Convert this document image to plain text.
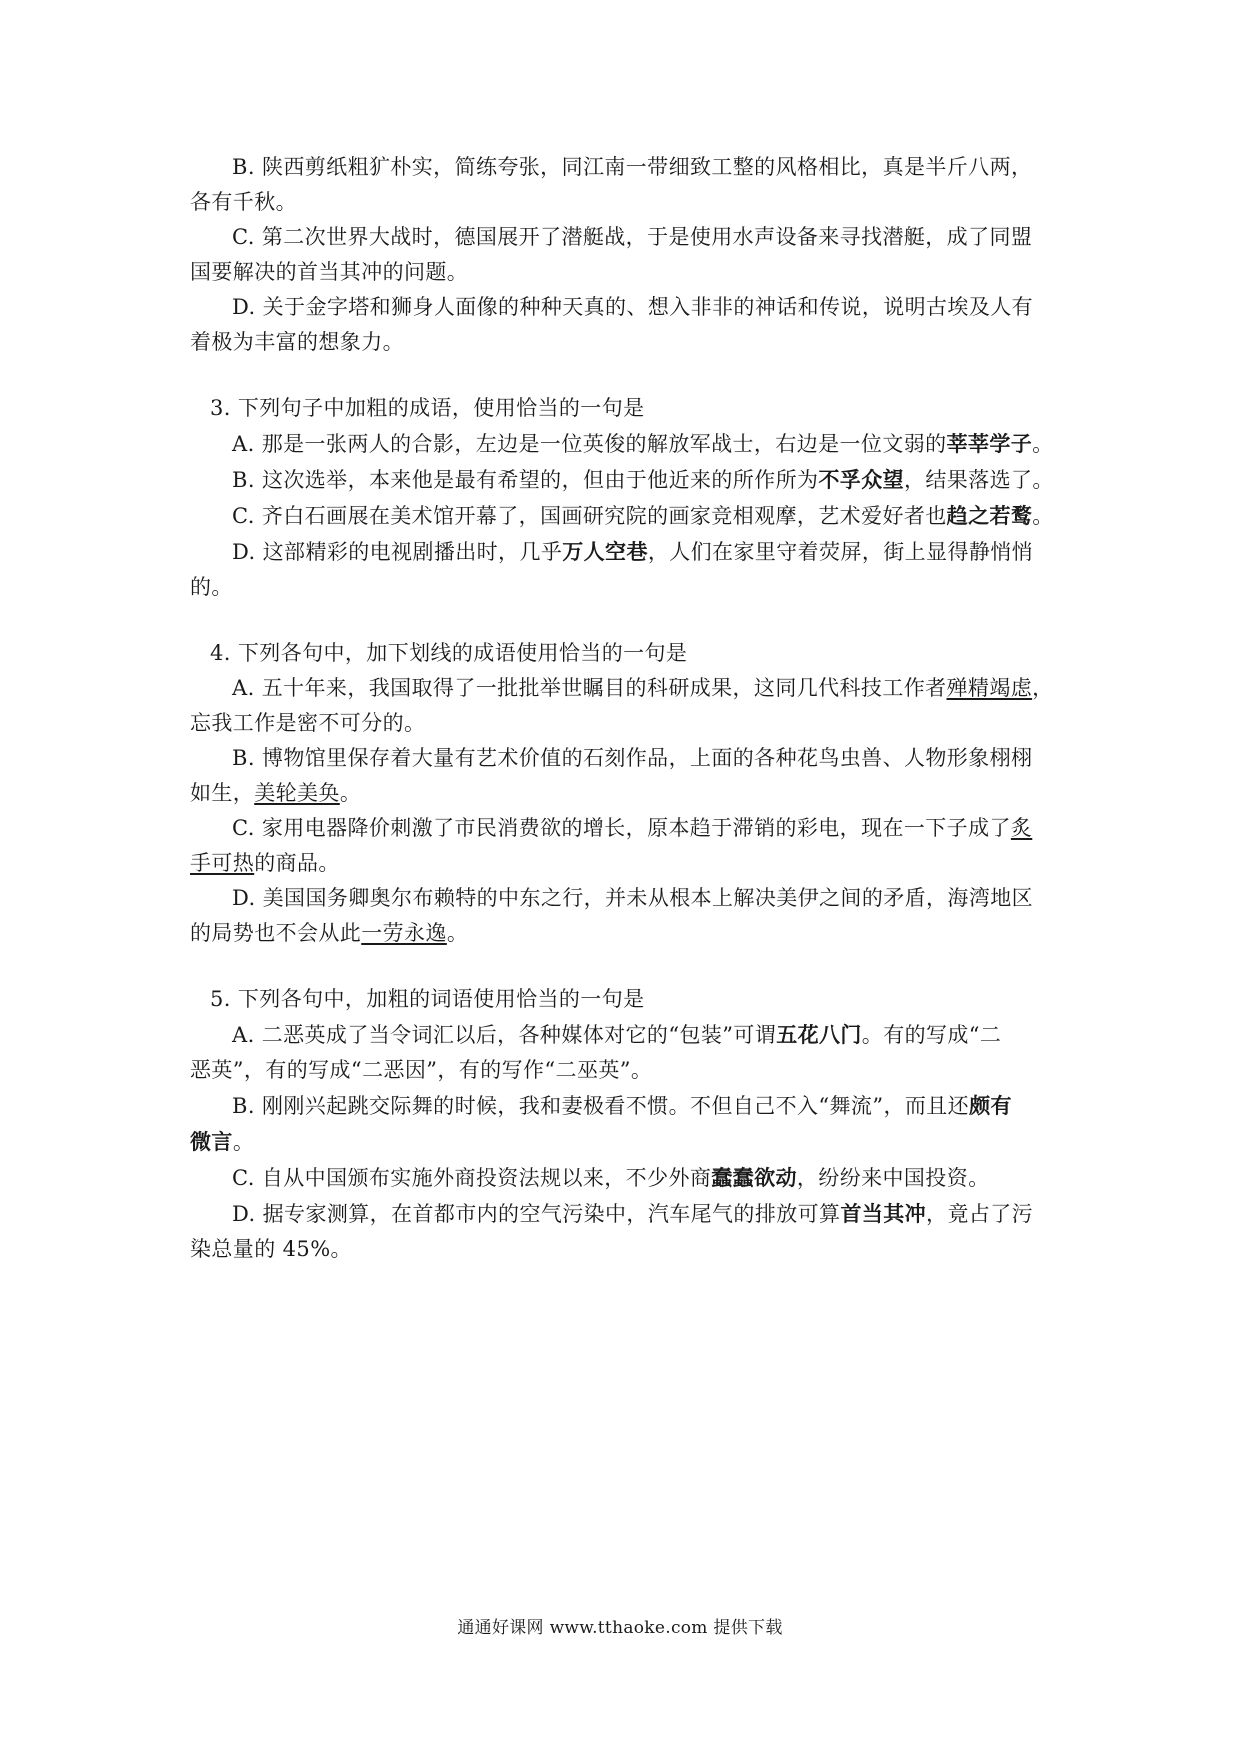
B. 陕西剪纸粗犷朴实，简练夸张，同江南一带细致工整的风格相比，真是半斤八两，
各有千秋。

C. 第二次世界大战时，德国展开了潜艇战，于是使用水声设备来寻找潜艇，成了同盟
国要解决的首当其冲的问题。

D. 关于金字塔和狮身人面像的种种天真的、想入非非的神话和传说，说明古埃及人有
着极为丰富的想象力。

3. 下列句子中加粗的成语，使用恰当的一句是

A. 那是一张两人的合影，左边是一位英俊的解放军战士，右边是一位文弱的莘莘学子。

B. 这次选举，本来他是最有希望的，但由于他近来的所作所为不孚众望，结果落选了。

C. 齐白石画展在美术馆开幕了，国画研究院的画家竞相观摩，艺术爱好者也趋之若鹜。

D. 这部精彩的电视剧播出时，几乎万人空巷，人们在家里守着荧屏，街上显得静悄悄
的。

4. 下列各句中，加下划线的成语使用恰当的一句是

A. 五十年来，我国取得了一批批举世瞩目的科研成果，这同几代科技工作者殚精竭虑，
忘我工作是密不可分的。

B. 博物馆里保存着大量有艺术价值的石刻作品，上面的各种花鸟虫兽、人物形象栩栩
如生，美轮美奂。

C. 家用电器降价刺激了市民消费欲的增长，原本趋于滞销的彩电，现在一下子成了炙
手可热的商品。

D. 美国国务卿奥尔布赖特的中东之行，并未从根本上解决美伊之间的矛盾，海湾地区
的局势也不会从此一劳永逸。

5. 下列各句中，加粗的词语使用恰当的一句是

A. 二恶英成了当令词汇以后，各种媒体对它的“包装”可谓五花八门。有的写成“二
恶英”，有的写成“二恶因”，有的写作“二巫英”。

B. 刚刚兴起跳交际舞的时候，我和妻极看不惯。不但自己不入“舞流”，而且还颇有
微言。

C. 自从中国颁布实施外商投资法规以来，不少外商蠢蠢欲动，纷纷来中国投资。

D. 据专家测算，在首都市内的空气污染中，汽车尾气的排放可算首当其冲，竟占了污
染总量的 45%。

通通好课网 www.tthaoke.com 提供下载
